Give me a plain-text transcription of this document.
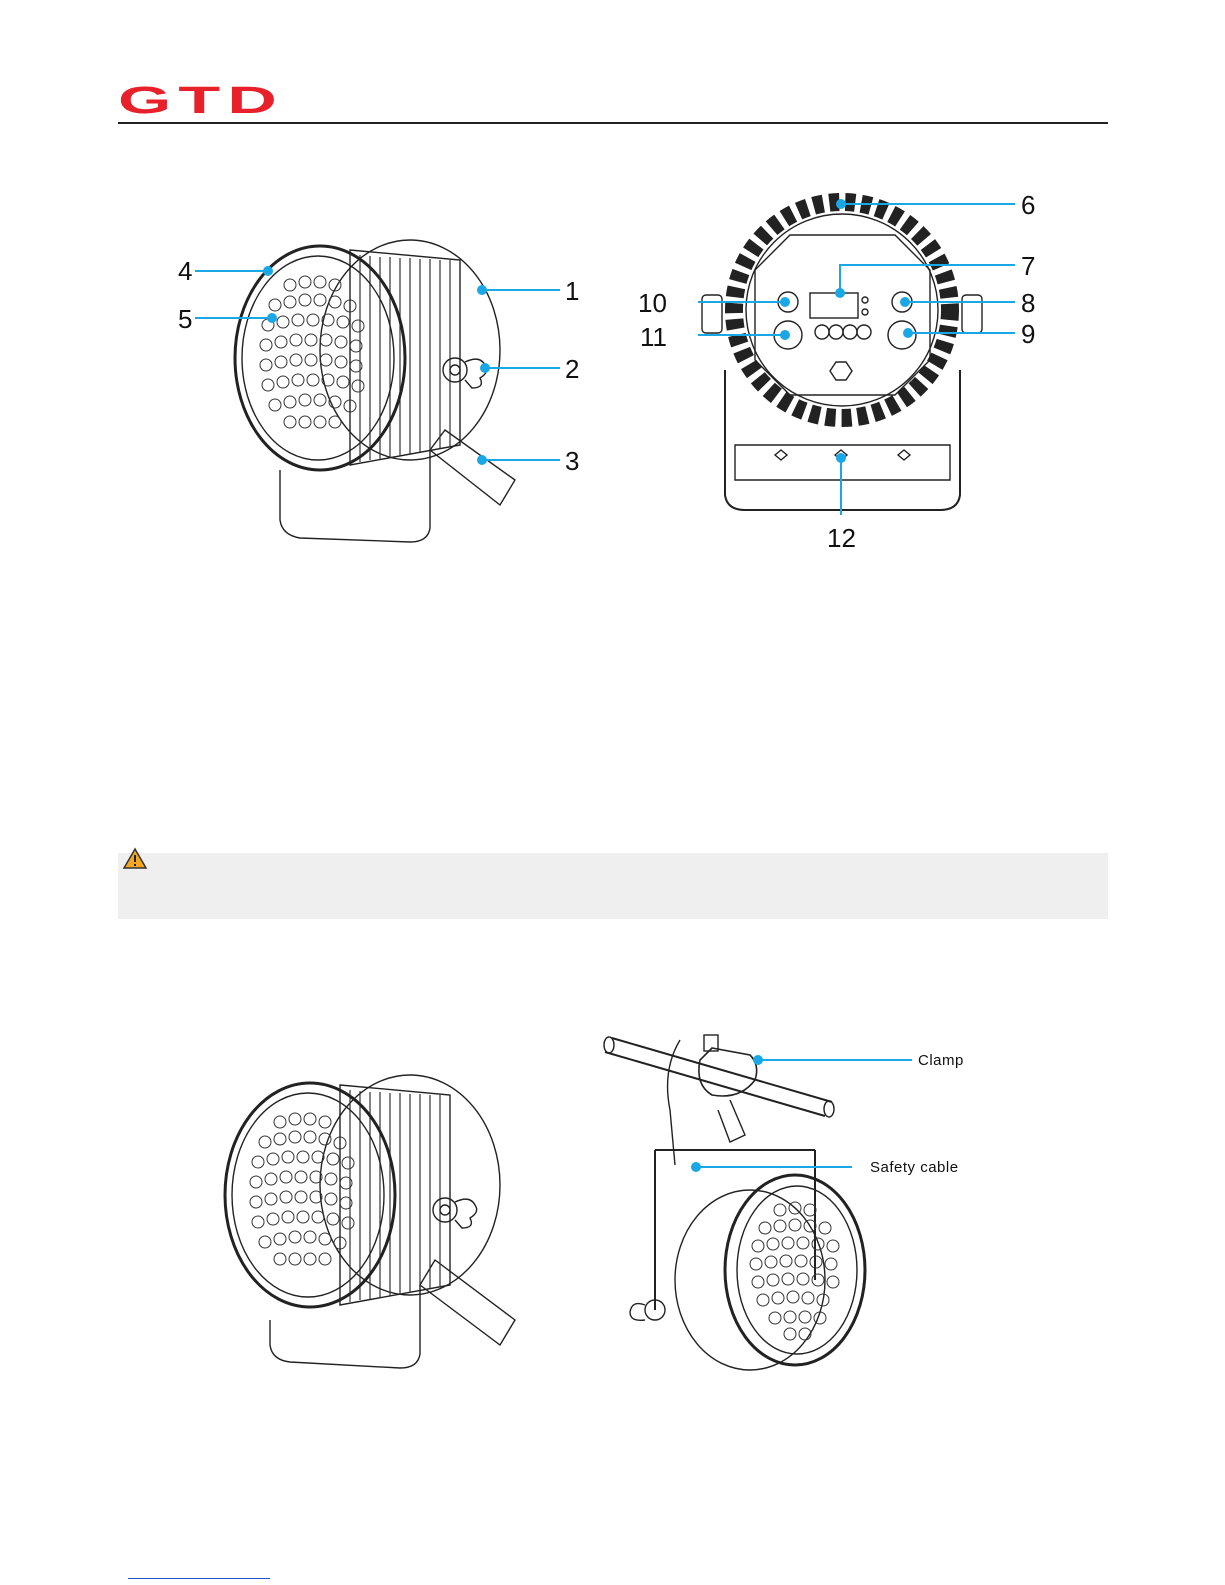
GTD
1
2
3
4
5
6
7
8
9
10
11
12
Clamp
Safety cable
